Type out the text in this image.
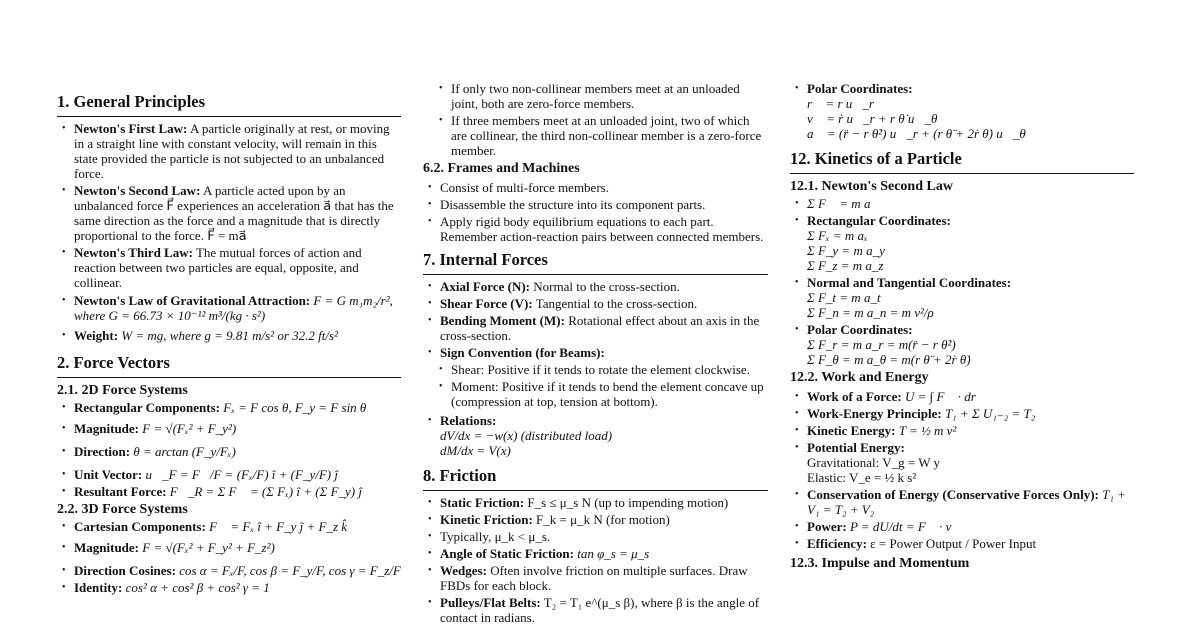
1. General Principles
• Newton's First Law: A particle originally at rest, or moving in a straight line with constant velocity, will remain in this state provided the particle is not subjected to an unbalanced force.
• Newton's Second Law: A particle acted upon by an unbalanced force F⃗ experiences an acceleration a⃗ that has the same direction as the force and a magnitude that is directly proportional to the force. F⃗ = ma⃗
• Newton's Third Law: The mutual forces of action and reaction between two particles are equal, opposite, and collinear.
• Newton's Law of Gravitational Attraction: F = G m₁m₂/r², where G = 66.73 × 10⁻¹² m³/(kg · s²)
• Weight: W = mg, where g = 9.81 m/s² or 32.2 ft/s²
2. Force Vectors
2.1. 2D Force Systems
• Rectangular Components: Fₓ = F cos θ, F_y = F sin θ
• Magnitude: F = √(Fₓ² + F_y²)
• Direction: θ = arctan (F_y/Fₓ)
• Unit Vector: u⃗_F = F⃗/F = (Fₓ/F) î + (F_y/F) ĵ
• Resultant Force: F⃗_R = Σ F⃗ = (Σ Fₓ) î + (Σ F_y) ĵ
2.2. 3D Force Systems
• Cartesian Components: F⃗ = Fₓ î + F_y ĵ + F_z k̂
• Magnitude: F = √(Fₓ² + F_y² + F_z²)
• Direction Cosines: cos α = Fₓ/F, cos β = F_y/F, cos γ = F_z/F
• Identity: cos² α + cos² β + cos² γ = 1
• If only two non-collinear members meet at an unloaded joint, both are zero-force members.
• If three members meet at an unloaded joint, two of which are collinear, the third non-collinear member is a zero-force member.
6.2. Frames and Machines
• Consist of multi-force members.
• Disassemble the structure into its component parts.
• Apply rigid body equilibrium equations to each part. Remember action-reaction pairs between connected members.
7. Internal Forces
• Axial Force (N): Normal to the cross-section.
• Shear Force (V): Tangential to the cross-section.
• Bending Moment (M): Rotational effect about an axis in the cross-section.
• Sign Convention (for Beams):
• Shear: Positive if it tends to rotate the element clockwise.
• Moment: Positive if it tends to bend the element concave up (compression at top, tension at bottom).
• Relations:
dV/dx = −w(x) (distributed load)
dM/dx = V(x)
8. Friction
• Static Friction: F_s ≤ μ_s N (up to impending motion)
• Kinetic Friction: F_k = μ_k N (for motion)
• Typically, μ_k < μ_s.
• Angle of Static Friction: tan φ_s = μ_s
• Wedges: Often involve friction on multiple surfaces. Draw FBDs for each block.
• Pulleys/Flat Belts: T₂ = T₁ e^(μ_s β), where β is the angle of contact in radians.
• Polar Coordinates:
r⃗ = r u⃗_r
v⃗ = ṙ u⃗_r + r θ̇ u⃗_θ
a⃗ = (r̈ − r θ̇²) u⃗_r + (r θ̈ + 2ṙ θ̇) u⃗_θ
12. Kinetics of a Particle
12.1. Newton's Second Law
• Σ F⃗ = m a⃗
• Rectangular Coordinates:
Σ Fₓ = m aₓ
Σ F_y = m a_y
Σ F_z = m a_z
• Normal and Tangential Coordinates:
Σ F_t = m a_t
Σ F_n = m a_n = m v²/ρ
• Polar Coordinates:
Σ F_r = m a_r = m(r̈ − r θ̇²)
Σ F_θ = m a_θ = m(r θ̈ + 2ṙ θ̇)
12.2. Work and Energy
• Work of a Force: U = ∫ F⃗ · dr⃗
• Work-Energy Principle: T₁ + Σ U₁₋₂ = T₂
• Kinetic Energy: T = ½ m v²
• Potential Energy:
Gravitational: V_g = W y
Elastic: V_e = ½ k s²
• Conservation of Energy (Conservative Forces Only): T₁ + V₁ = T₂ + V₂
• Power: P = dU/dt = F⃗ · v⃗
• Efficiency: ε = Power Output / Power Input
12.3. Impulse and Momentum
